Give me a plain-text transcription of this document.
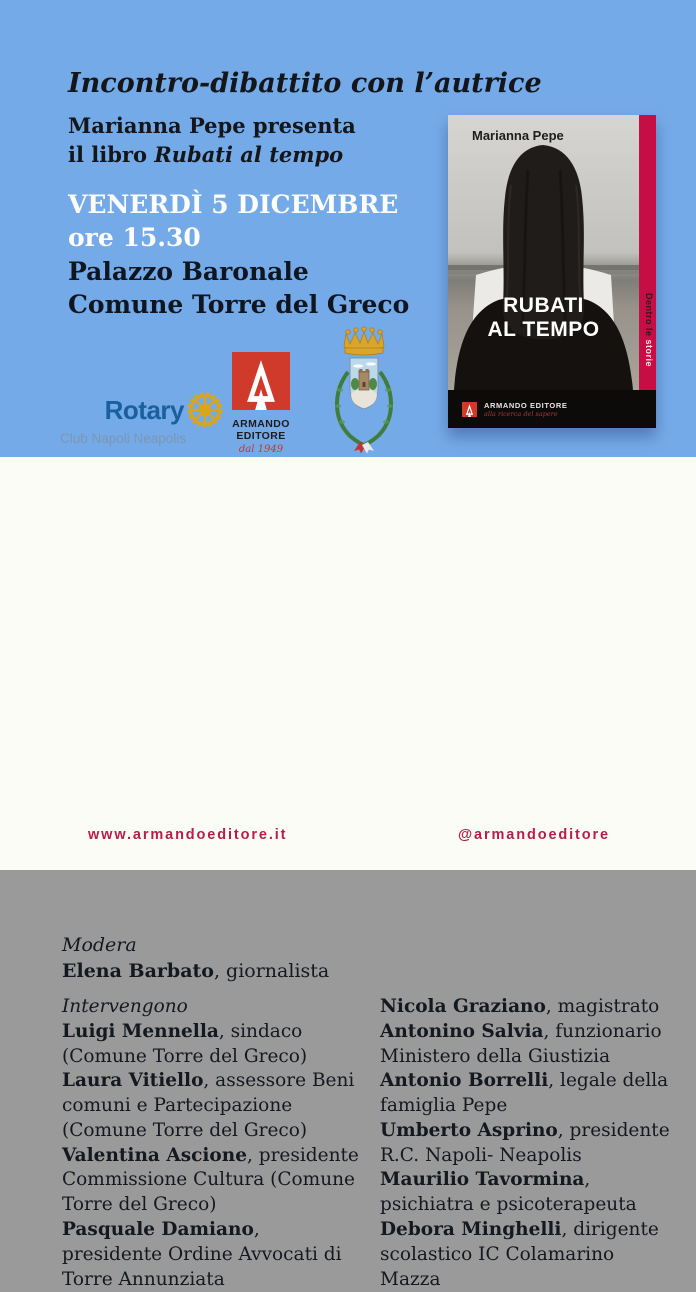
Incontro-dibattito con l’autrice
Marianna Pepe presenta
il libro Rubati al tempo
VENERDÌ 5 DICEMBRE
ore 15.30
Palazzo Baronale
Comune Torre del Greco
Rotary
Club Napoli Neapolis
ARMANDO EDITORE
dal 1949
Dentro le storie
Marianna Pepe
RUBATI
AL TEMPO
ARMANDO EDITORE
alla ricerca del sapere
Modera
Elena Barbato, giornalista

Intervengono

Luigi Mennella, sindaco (Comune Torre del Greco)

Laura Vitiello, assessore Beni comuni e Partecipazione (Comune Torre del Greco)

Valentina Ascione, presidente Commissione Cultura (Comune Torre del Greco)

Pasquale Damiano, presidente Ordine Avvocati di Torre Annunziata

Nicola Graziano, magistrato

Antonino Salvia, funzionario Ministero della Giustizia

Antonio Borrelli, legale della famiglia Pepe

Umberto Asprino, presidente R.C. Napoli- Neapolis

Maurilio Tavormina, psichiatra e psicoterapeuta

Debora Minghelli, dirigente scolastico IC Colamarino Mazza

www.armandoeditore.it	@armandoeditore
